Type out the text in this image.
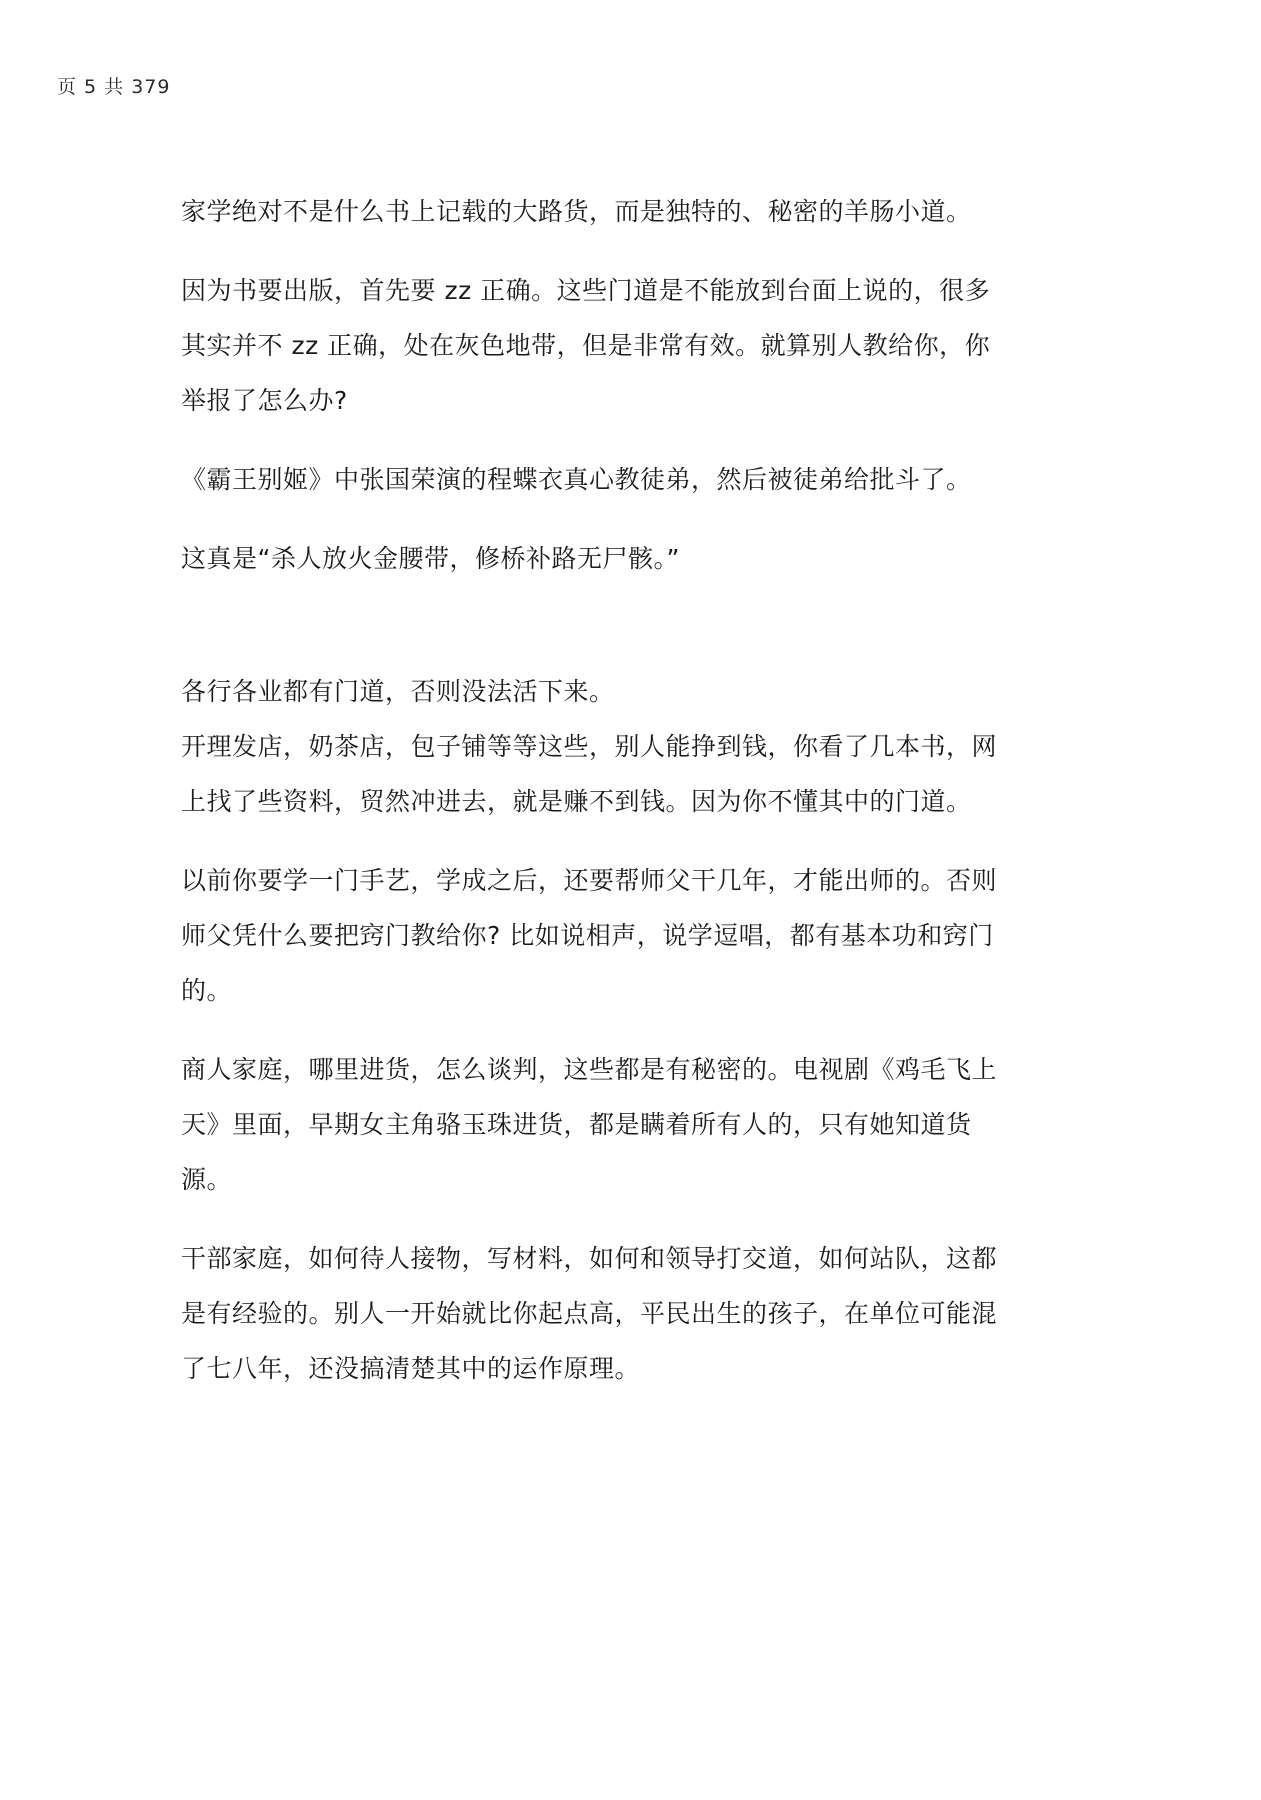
页 5 共 379

家学绝对不是什么书上记载的大路货，而是独特的、秘密的羊肠小道。

因为书要出版，首先要 zz 正确。这些门道是不能放到台面上说的，很多
其实并不 zz 正确，处在灰色地带，但是非常有效。就算别人教给你，你
举报了怎么办?

《霸王别姬》中张国荣演的程蝶衣真心教徒弟，然后被徒弟给批斗了。

这真是“杀人放火金腰带，修桥补路无尸骸。”

各行各业都有门道，否则没法活下来。

开理发店，奶茶店，包子铺等等这些，别人能挣到钱，你看了几本书，网
上找了些资料，贸然冲进去，就是赚不到钱。因为你不懂其中的门道。

以前你要学一门手艺，学成之后，还要帮师父干几年，才能出师的。否则
师父凭什么要把窍门教给你? 比如说相声，说学逗唱，都有基本功和窍门
的。

商人家庭，哪里进货，怎么谈判，这些都是有秘密的。电视剧《鸡毛飞上
天》里面，早期女主角骆玉珠进货，都是瞒着所有人的，只有她知道货源。

干部家庭，如何待人接物，写材料，如何和领导打交道，如何站队，这都
是有经验的。别人一开始就比你起点高，平民出生的孩子，在单位可能混
了七八年，还没搞清楚其中的运作原理。
